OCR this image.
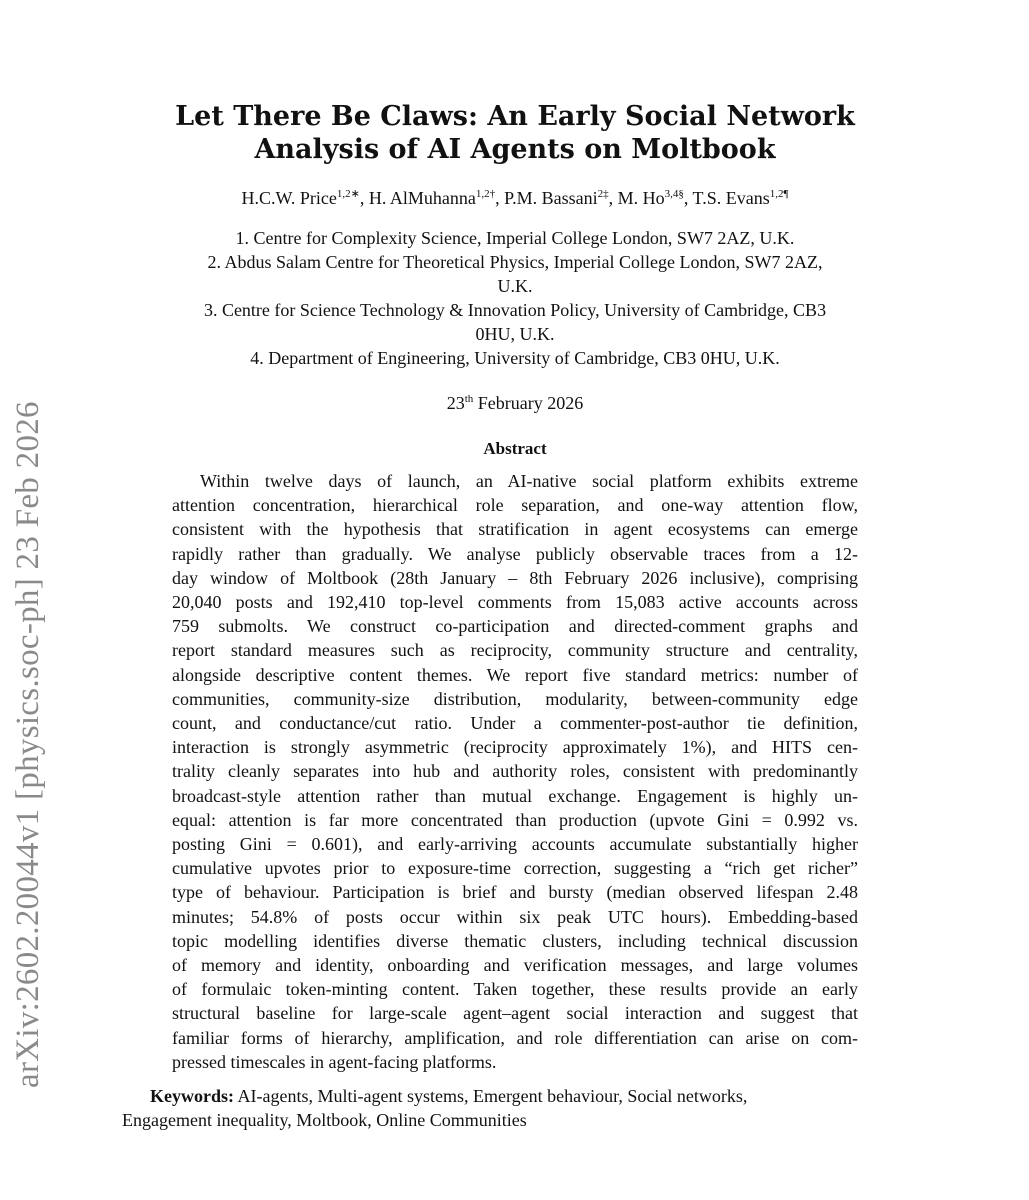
arXiv:2602.20044v1 [physics.soc-ph] 23 Feb 2026
Let There Be Claws: An Early Social Network
Analysis of AI Agents on Moltbook
H.C.W. Price$^{1,2∗}$, H. AlMuhanna$^{1,2\dagger}$, P.M. Bassani$^{2\ddagger}$, M. $Ho^{3,4\S}$, T.S. Evans$^{1,2\P}$
1. Centre for Complexity Science, Imperial College London, SW7 2AZ, U.K.
2. Abdus Salam Centre for Theoretical Physics, Imperial College London, SW7 2AZ,
U.K.
3. Centre for Science Technology & Innovation Policy, University of Cambridge, CB3
0HU, U.K.
4. Department of Engineering, University of Cambridge, CB3 0HU, U.K.
23th February 2026
Abstract
Within twelve days of launch, an AI-native social platform exhibits extreme
attention concentration, hierarchical role separation, and one-way attention flow,
consistent with the hypothesis that stratification in agent ecosystems can emerge
rapidly rather than gradually. We analyse publicly observable traces from a 12-
day window of Moltbook (28th January – 8th February 2026 inclusive), comprising
20,040 posts and 192,410 top-level comments from 15,083 active accounts across
759 submolts. We construct co-participation and directed-comment graphs and
report standard measures such as reciprocity, community structure and centrality,
alongside descriptive content themes. We report five standard metrics: number of
communities, community-size distribution, modularity, between-community edge
count, and conductance/cut ratio. Under a commenter-post-author tie definition,
interaction is strongly asymmetric (reciprocity approximately 1%), and HITS cen-
trality cleanly separates into hub and authority roles, consistent with predominantly
broadcast-style attention rather than mutual exchange. Engagement is highly un-
equal: attention is far more concentrated than production (upvote Gini = 0.992 vs.
posting Gini = 0.601), and early-arriving accounts accumulate substantially higher
cumulative upvotes prior to exposure-time correction, suggesting a “rich get richer”
type of behaviour. Participation is brief and bursty (median observed lifespan 2.48
minutes; 54.8% of posts occur within six peak UTC hours). Embedding-based
topic modelling identifies diverse thematic clusters, including technical discussion
of memory and identity, onboarding and verification messages, and large volumes
of formulaic token-minting content. Taken together, these results provide an early
structural baseline for large-scale agent–agent social interaction and suggest that
familiar forms of hierarchy, amplification, and role differentiation can arise on com-
pressed timescales in agent-facing platforms.
Keywords: AI-agents, Multi-agent systems, Emergent behaviour, Social networks,
Engagement inequality, Moltbook, Online Communities
